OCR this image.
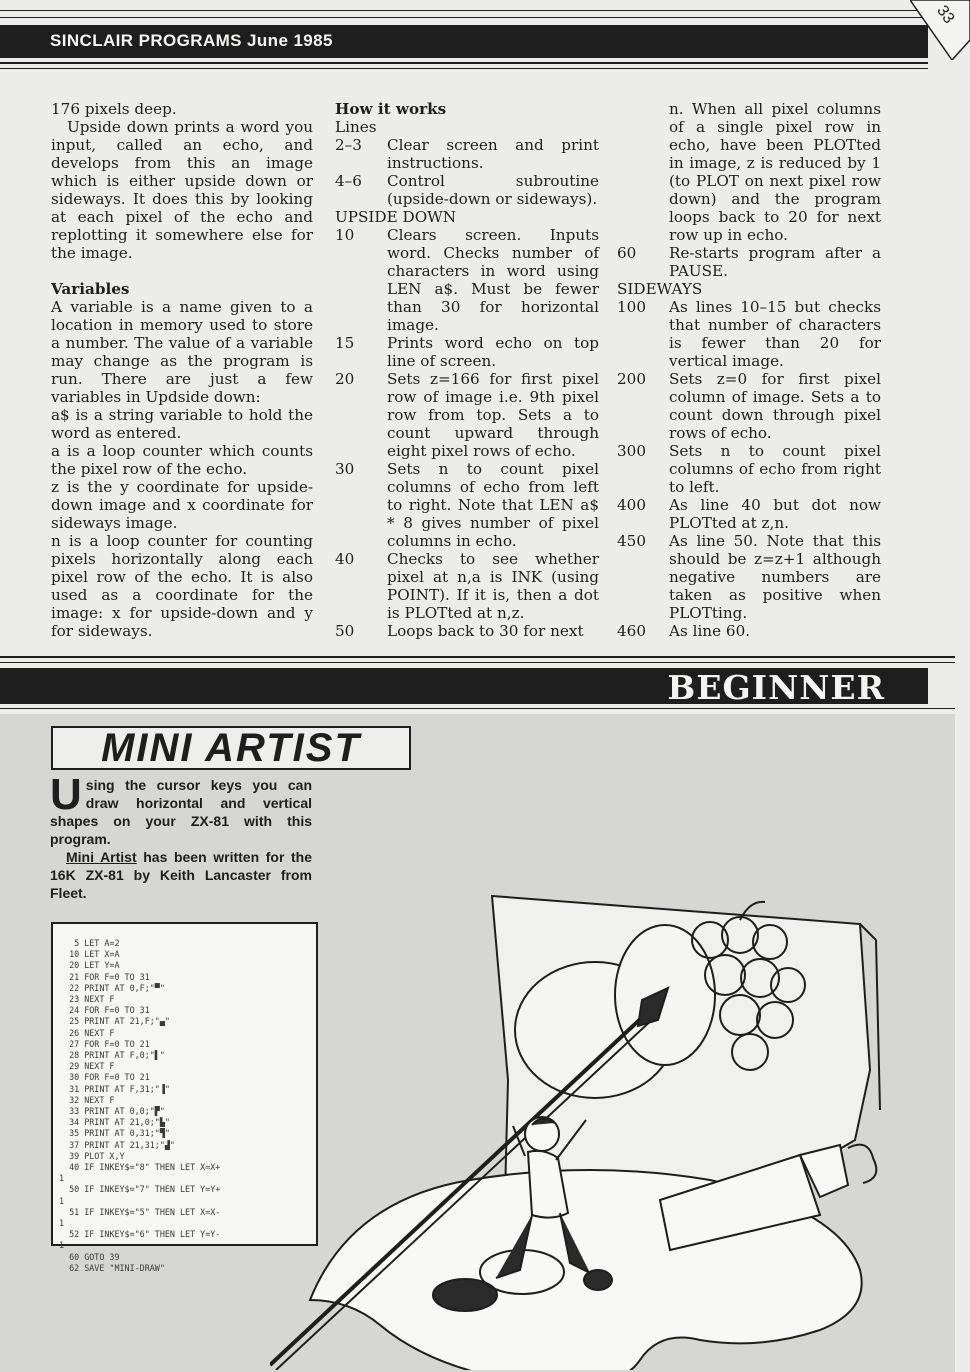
SINCLAIR PROGRAMS June 1985
33

176 pixels deep.

Upside down prints a word you input, called an echo, and develops from this an image which is either upside down or sideways. It does this by looking at each pixel of the echo and replotting it somewhere else for the image.

Variables

A variable is a name given to a location in memory used to store a number. The value of a variable may change as the program is run. There are just a few variables in Updside down:

a$ is a string variable to hold the word as entered.

a is a loop counter which counts the pixel row of the echo.

z is the y coordinate for upside-down image and x coordinate for sideways image.

n is a loop counter for counting pixels horizontally along each pixel row of the echo. It is also used as a coordinate for the image: x for upside-down and y for sideways.

How it works

Lines

2–3	Clear screen and print instructions.
4–6	Control subroutine (upside-down or sideways).

UPSIDE DOWN

10	Clears screen. Inputs word. Checks number of characters in word using LEN a$. Must be fewer than 30 for horizontal image.
15	Prints word echo on top line of screen.
20	Sets z=166 for first pixel row of image i.e. 9th pixel row from top. Sets a to count upward through eight pixel rows of echo.
30	Sets n to count pixel columns of echo from left to right. Note that LEN a$ * 8 gives number of pixel columns in echo.
40	Checks to see whether pixel at n,a is INK (using POINT). If it is, then a dot is PLOTted at n,z.
50	Loops back to 30 for next
n. When all pixel columns of a single pixel row in echo, have been PLOTted in image, z is reduced by 1 (to PLOT on next pixel row down) and the program loops back to 20 for next row up in echo.
60	Re-starts program after a PAUSE.

SIDEWAYS

100	As lines 10–15 but checks that number of characters is fewer than 20 for vertical image.
200	Sets z=0 for first pixel column of image. Sets a to count down through pixel rows of echo.
300	Sets n to count pixel columns of echo from right to left.
400	As line 40 but dot now PLOTted at z,n.
450	As line 50. Note that this should be z=z+1 although negative numbers are taken as positive when PLOTting.
460	As line 60.
BEGINNER
MINI ARTIST

Using the cursor keys you can draw horizontal and vertical shapes on your ZX-81 with this program.

Mini Artist has been written for the 16K ZX-81 by Keith Lancaster from Fleet.

5 LET A=2
10 LET X=A
20 LET Y=A
21 FOR F=0 TO 31
22 PRINT AT 0,F;"▀"
23 NEXT F
24 FOR F=0 TO 31
25 PRINT AT 21,F;"▄"
26 NEXT F
27 FOR F=0 TO 21
28 PRINT AT F,0;"▌"
29 NEXT F
30 FOR F=0 TO 21
31 PRINT AT F,31;"▐"
32 NEXT F
33 PRINT AT 0,0;"▛"
34 PRINT AT 21,0;"▙"
35 PRINT AT 0,31;"▜"
37 PRINT AT 21,31;"▟"
39 PLOT X,Y
40 IF INKEY$="8" THEN LET X=X+
1
50 IF INKEY$="7" THEN LET Y=Y+
1
51 IF INKEY$="5" THEN LET X=X-
1
52 IF INKEY$="6" THEN LET Y=Y-
1
60 GOTO 39
62 SAVE "MINI-DRAW"
